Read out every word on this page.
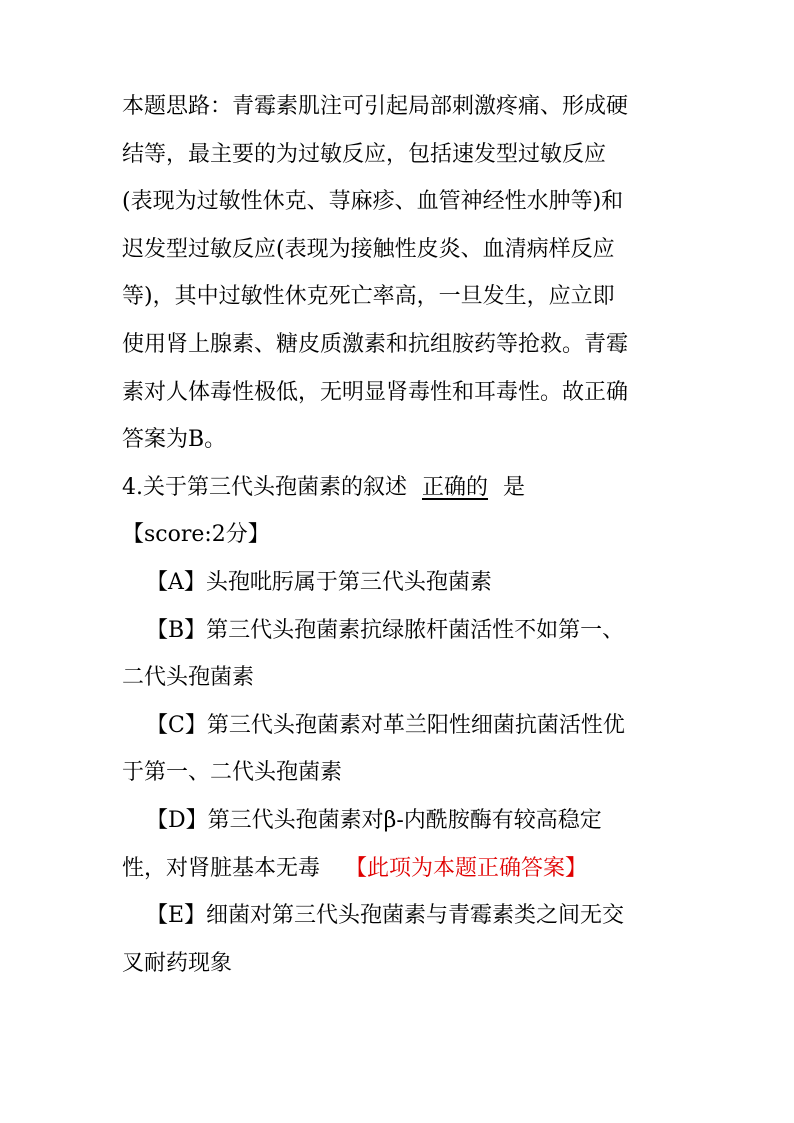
本题思路：青霉素肌注可引起局部刺激疼痛、形成硬
结等，最主要的为过敏反应，包括速发型过敏反应
(表现为过敏性休克、荨麻疹、血管神经性水肿等)和
迟发型过敏反应(表现为接触性皮炎、血清病样反应
等)，其中过敏性休克死亡率高，一旦发生，应立即
使用肾上腺素、糖皮质激素和抗组胺药等抢救。青霉
素对人体毒性极低，无明显肾毒性和耳毒性。故正确
答案为B。
4.关于第三代头孢菌素的叙述 正确的 是
【score:2分】
【A】头孢吡肟属于第三代头孢菌素
【B】第三代头孢菌素抗绿脓杆菌活性不如第一、
二代头孢菌素
【C】第三代头孢菌素对革兰阳性细菌抗菌活性优
于第一、二代头孢菌素
【D】第三代头孢菌素对β-内酰胺酶有较高稳定
性，对肾脏基本无毒 【此项为本题正确答案】
【E】细菌对第三代头孢菌素与青霉素类之间无交
叉耐药现象
